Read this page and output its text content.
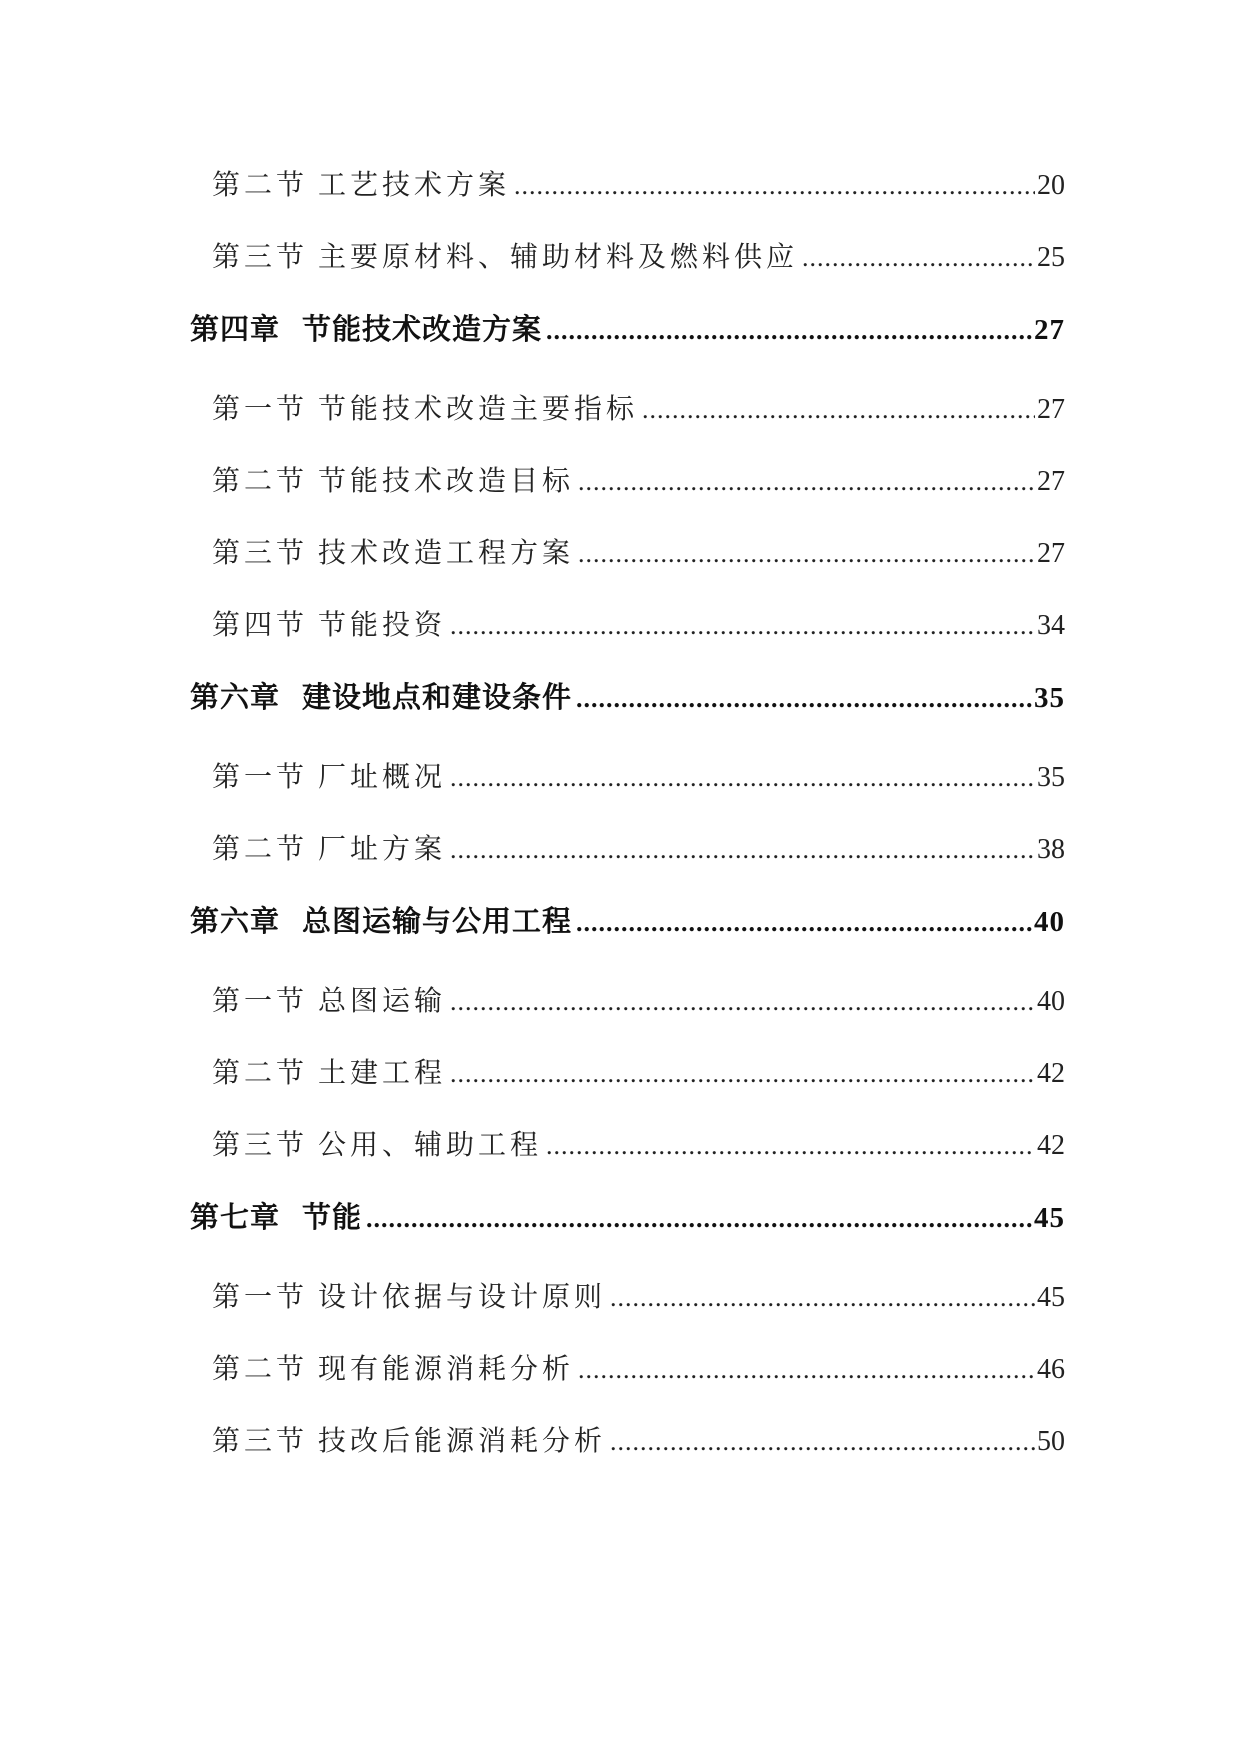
第二节 工艺技术方案 .....	20
第三节 主要原材料、辅助材料及燃料供应 .....	25
第四章 节能技术改造方案 .....	27
第一节 节能技术改造主要指标 .....	27
第二节 节能技术改造目标 .....	27
第三节 技术改造工程方案 .....	27
第四节 节能投资 .....	34
第六章 建设地点和建设条件 .....	35
第一节 厂址概况 .....	35
第二节 厂址方案 .....	38
第六章 总图运输与公用工程 .....	40
第一节 总图运输 .....	40
第二节 土建工程 .....	42
第三节 公用、辅助工程 .....	42
第七章 节能 .....	45
第一节 设计依据与设计原则 .....	45
第二节 现有能源消耗分析 .....	46
第三节 技改后能源消耗分析 .....	50
